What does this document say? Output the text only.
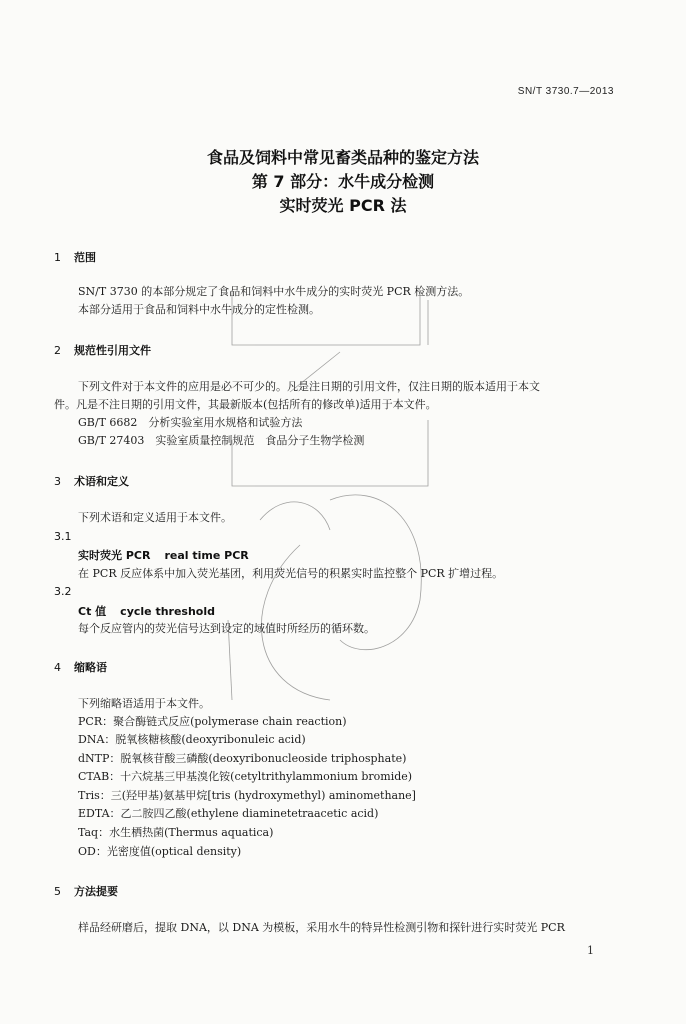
SN/T 3730.7—2013
食品及饲料中常见畜类品种的鉴定方法
第 7 部分：水牛成分检测
实时荧光 PCR 法
1 范围
SN/T 3730 的本部分规定了食品和饲料中水牛成分的实时荧光 PCR 检测方法。
本部分适用于食品和饲料中水牛成分的定性检测。
2 规范性引用文件
下列文件对于本文件的应用是必不可少的。凡是注日期的引用文件，仅注日期的版本适用于本文
件。凡是不注日期的引用文件，其最新版本(包括所有的修改单)适用于本文件。
GB/T 6682　分析实验室用水规格和试验方法
GB/T 27403　实验室质量控制规范　食品分子生物学检测
3 术语和定义
下列术语和定义适用于本文件。
3.1
实时荧光 PCR real time PCR
在 PCR 反应体系中加入荧光基团，利用荧光信号的积累实时监控整个 PCR 扩增过程。
3.2
Ct 值 cycle threshold
每个反应管内的荧光信号达到设定的域值时所经历的循环数。
4 缩略语
下列缩略语适用于本文件。
PCR：聚合酶链式反应(polymerase chain reaction)
DNA：脱氧核糖核酸(deoxyribonuleic acid)
dNTP：脱氧核苷酸三磷酸(deoxyribonucleoside triphosphate)
CTAB：十六烷基三甲基溴化铵(cetyltrithylammonium bromide)
Tris：三(羟甲基)氨基甲烷[tris (hydroxymethyl) aminomethane]
EDTA：乙二胺四乙酸(ethylene diaminetetraacetic acid)
Taq：水生栖热菌(Thermus aquatica)
OD：光密度值(optical density)
5 方法提要
样品经研磨后，提取 DNA，以 DNA 为模板，采用水牛的特异性检测引物和探针进行实时荧光 PCR
1
